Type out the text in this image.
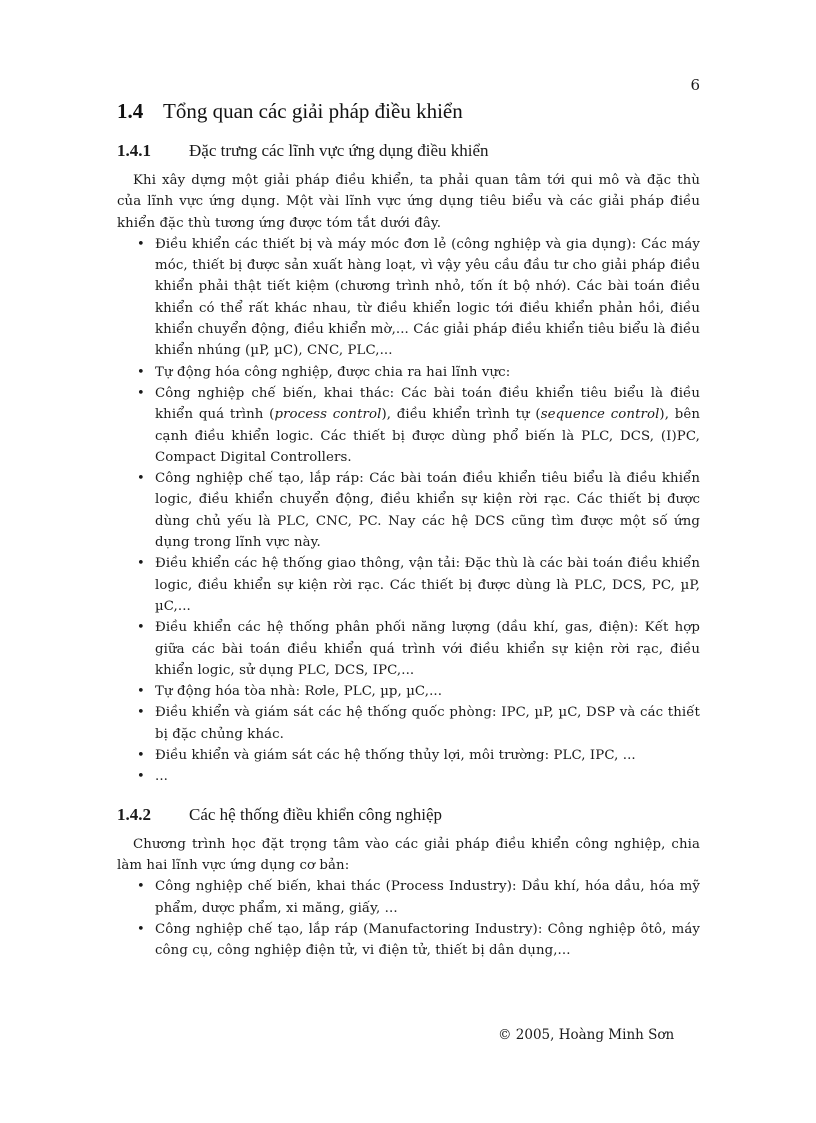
6
1.4 Tổng quan các giải pháp điều khiển
1.4.1 Đặc trưng các lĩnh vực ứng dụng điều khiển

Khi xây dựng một giải pháp điều khiển, ta phải quan tâm tới qui mô và đặc thù của lĩnh vực ứng dụng. Một vài lĩnh vực ứng dụng tiêu biểu và các giải pháp điều khiển đặc thù tương ứng được tóm tắt dưới đây.

• Điều khiển các thiết bị và máy móc đơn lẻ (công nghiệp và gia dụng): Các máy móc, thiết bị được sản xuất hàng loạt, vì vậy yêu cầu đầu tư cho giải pháp điều khiển phải thật tiết kiệm (chương trình nhỏ, tốn ít bộ nhớ). Các bài toán điều khiển có thể rất khác nhau, từ điều khiển logic tới điều khiển phản hồi, điều khiển chuyển động, điều khiển mờ,... Các giải pháp điều khiển tiêu biểu là điều khiển nhúng (µP, µC), CNC, PLC,...
• Tự động hóa công nghiệp, được chia ra hai lĩnh vực:
• Công nghiệp chế biến, khai thác: Các bài toán điều khiển tiêu biểu là điều khiển quá trình (process control), điều khiển trình tự (sequence control), bên cạnh điều khiển logic. Các thiết bị được dùng phổ biến là PLC, DCS, (I)PC, Compact Digital Controllers.
• Công nghiệp chế tạo, lắp ráp: Các bài toán điều khiển tiêu biểu là điều khiển logic, điều khiển chuyển động, điều khiển sự kiện rời rạc. Các thiết bị được dùng chủ yếu là PLC, CNC, PC. Nay các hệ DCS cũng tìm được một số ứng dụng trong lĩnh vực này.
• Điều khiển các hệ thống giao thông, vận tải: Đặc thù là các bài toán điều khiển logic, điều khiển sự kiện rời rạc. Các thiết bị được dùng là PLC, DCS, PC, µP, µC,...
• Điều khiển các hệ thống phân phối năng lượng (dầu khí, gas, điện): Kết hợp giữa các bài toán điều khiển quá trình với điều khiển sự kiện rời rạc, điều khiển logic, sử dụng PLC, DCS, IPC,...
• Tự động hóa tòa nhà: Rơle, PLC, µp, µC,...
• Điều khiển và giám sát các hệ thống quốc phòng: IPC, µP, µC, DSP và các thiết bị đặc chủng khác.
• Điều khiển và giám sát các hệ thống thủy lợi, môi trường: PLC, IPC, ...
• ...
1.4.2 Các hệ thống điều khiển công nghiệp

Chương trình học đặt trọng tâm vào các giải pháp điều khiển công nghiệp, chia làm hai lĩnh vực ứng dụng cơ bản:

• Công nghiệp chế biến, khai thác (Process Industry): Dầu khí, hóa dầu, hóa mỹ phẩm, dược phẩm, xi măng, giấy, ...
• Công nghiệp chế tạo, lắp ráp (Manufactoring Industry): Công nghiệp ôtô, máy công cụ, công nghiệp điện tử, vi điện tử, thiết bị dân dụng,...
© 2005, Hoàng Minh Sơn
